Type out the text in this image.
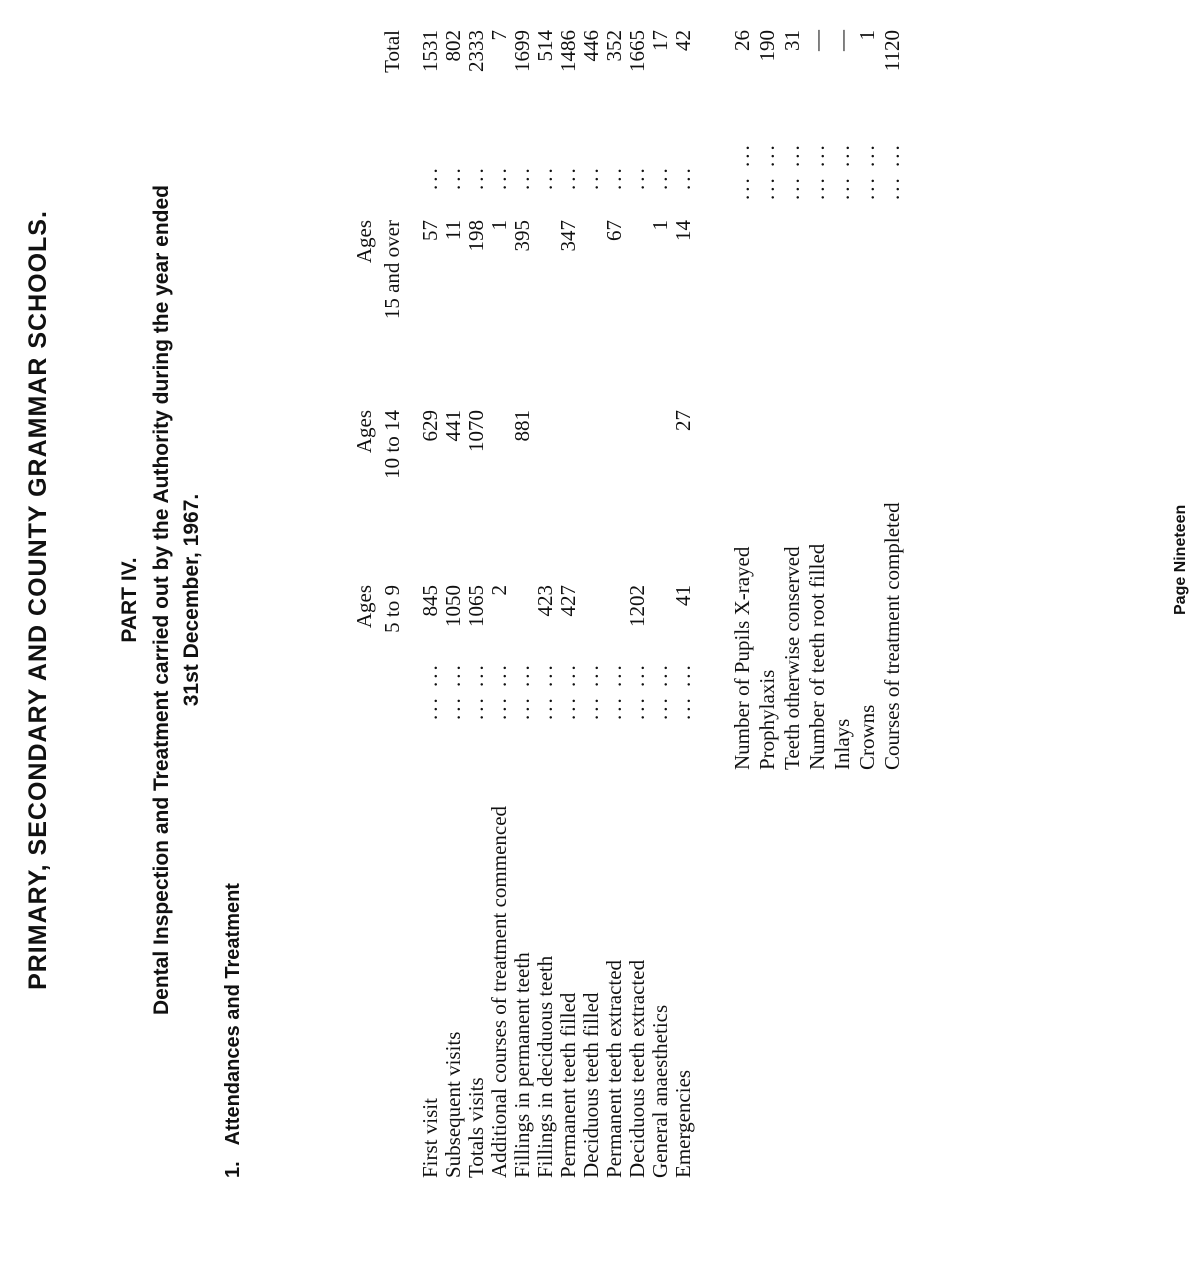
PRIMARY, SECONDARY AND COUNTY GRAMMAR SCHOOLS.	PART IV. Dental Inspection and Treatment carried out by the Authority during the year ended 31st December, 1967.
1.Attendances and Treatment
Ages 5 to 9
Ages 10 to 14
Ages 15 and over
Total
First visit
... ...
845
629
57
...
1531
Subsequent visits
... ...
1050
441
11
...
802
Totals visits
... ...
1065
1070
198
...
2333
Additional courses of treatment commenced
... ...
2
1
...
7
Fillings in permanent teeth
... ...
881
395
...
1699
Fillings in deciduous teeth
... ...
423
...
514
Permanent teeth filled
... ...
427
347
...
1486
Deciduous teeth filled
... ...
...
446
Permanent teeth extracted
... ...
67
...
352
Deciduous teeth extracted
... ...
1202
...
1665
General anaesthetics
... ...
1
...
17
Emergencies
... ...
41
27
14
...
42
Number of Pupils X-rayed
... ...
26
Prophylaxis
... ...
190
Teeth otherwise conserved
... ...
31
Number of teeth root filled
... ...
—
Inlays
... ...
—
Crowns
... ...
1
Courses of treatment completed
... ...
1120
Page Nineteen
